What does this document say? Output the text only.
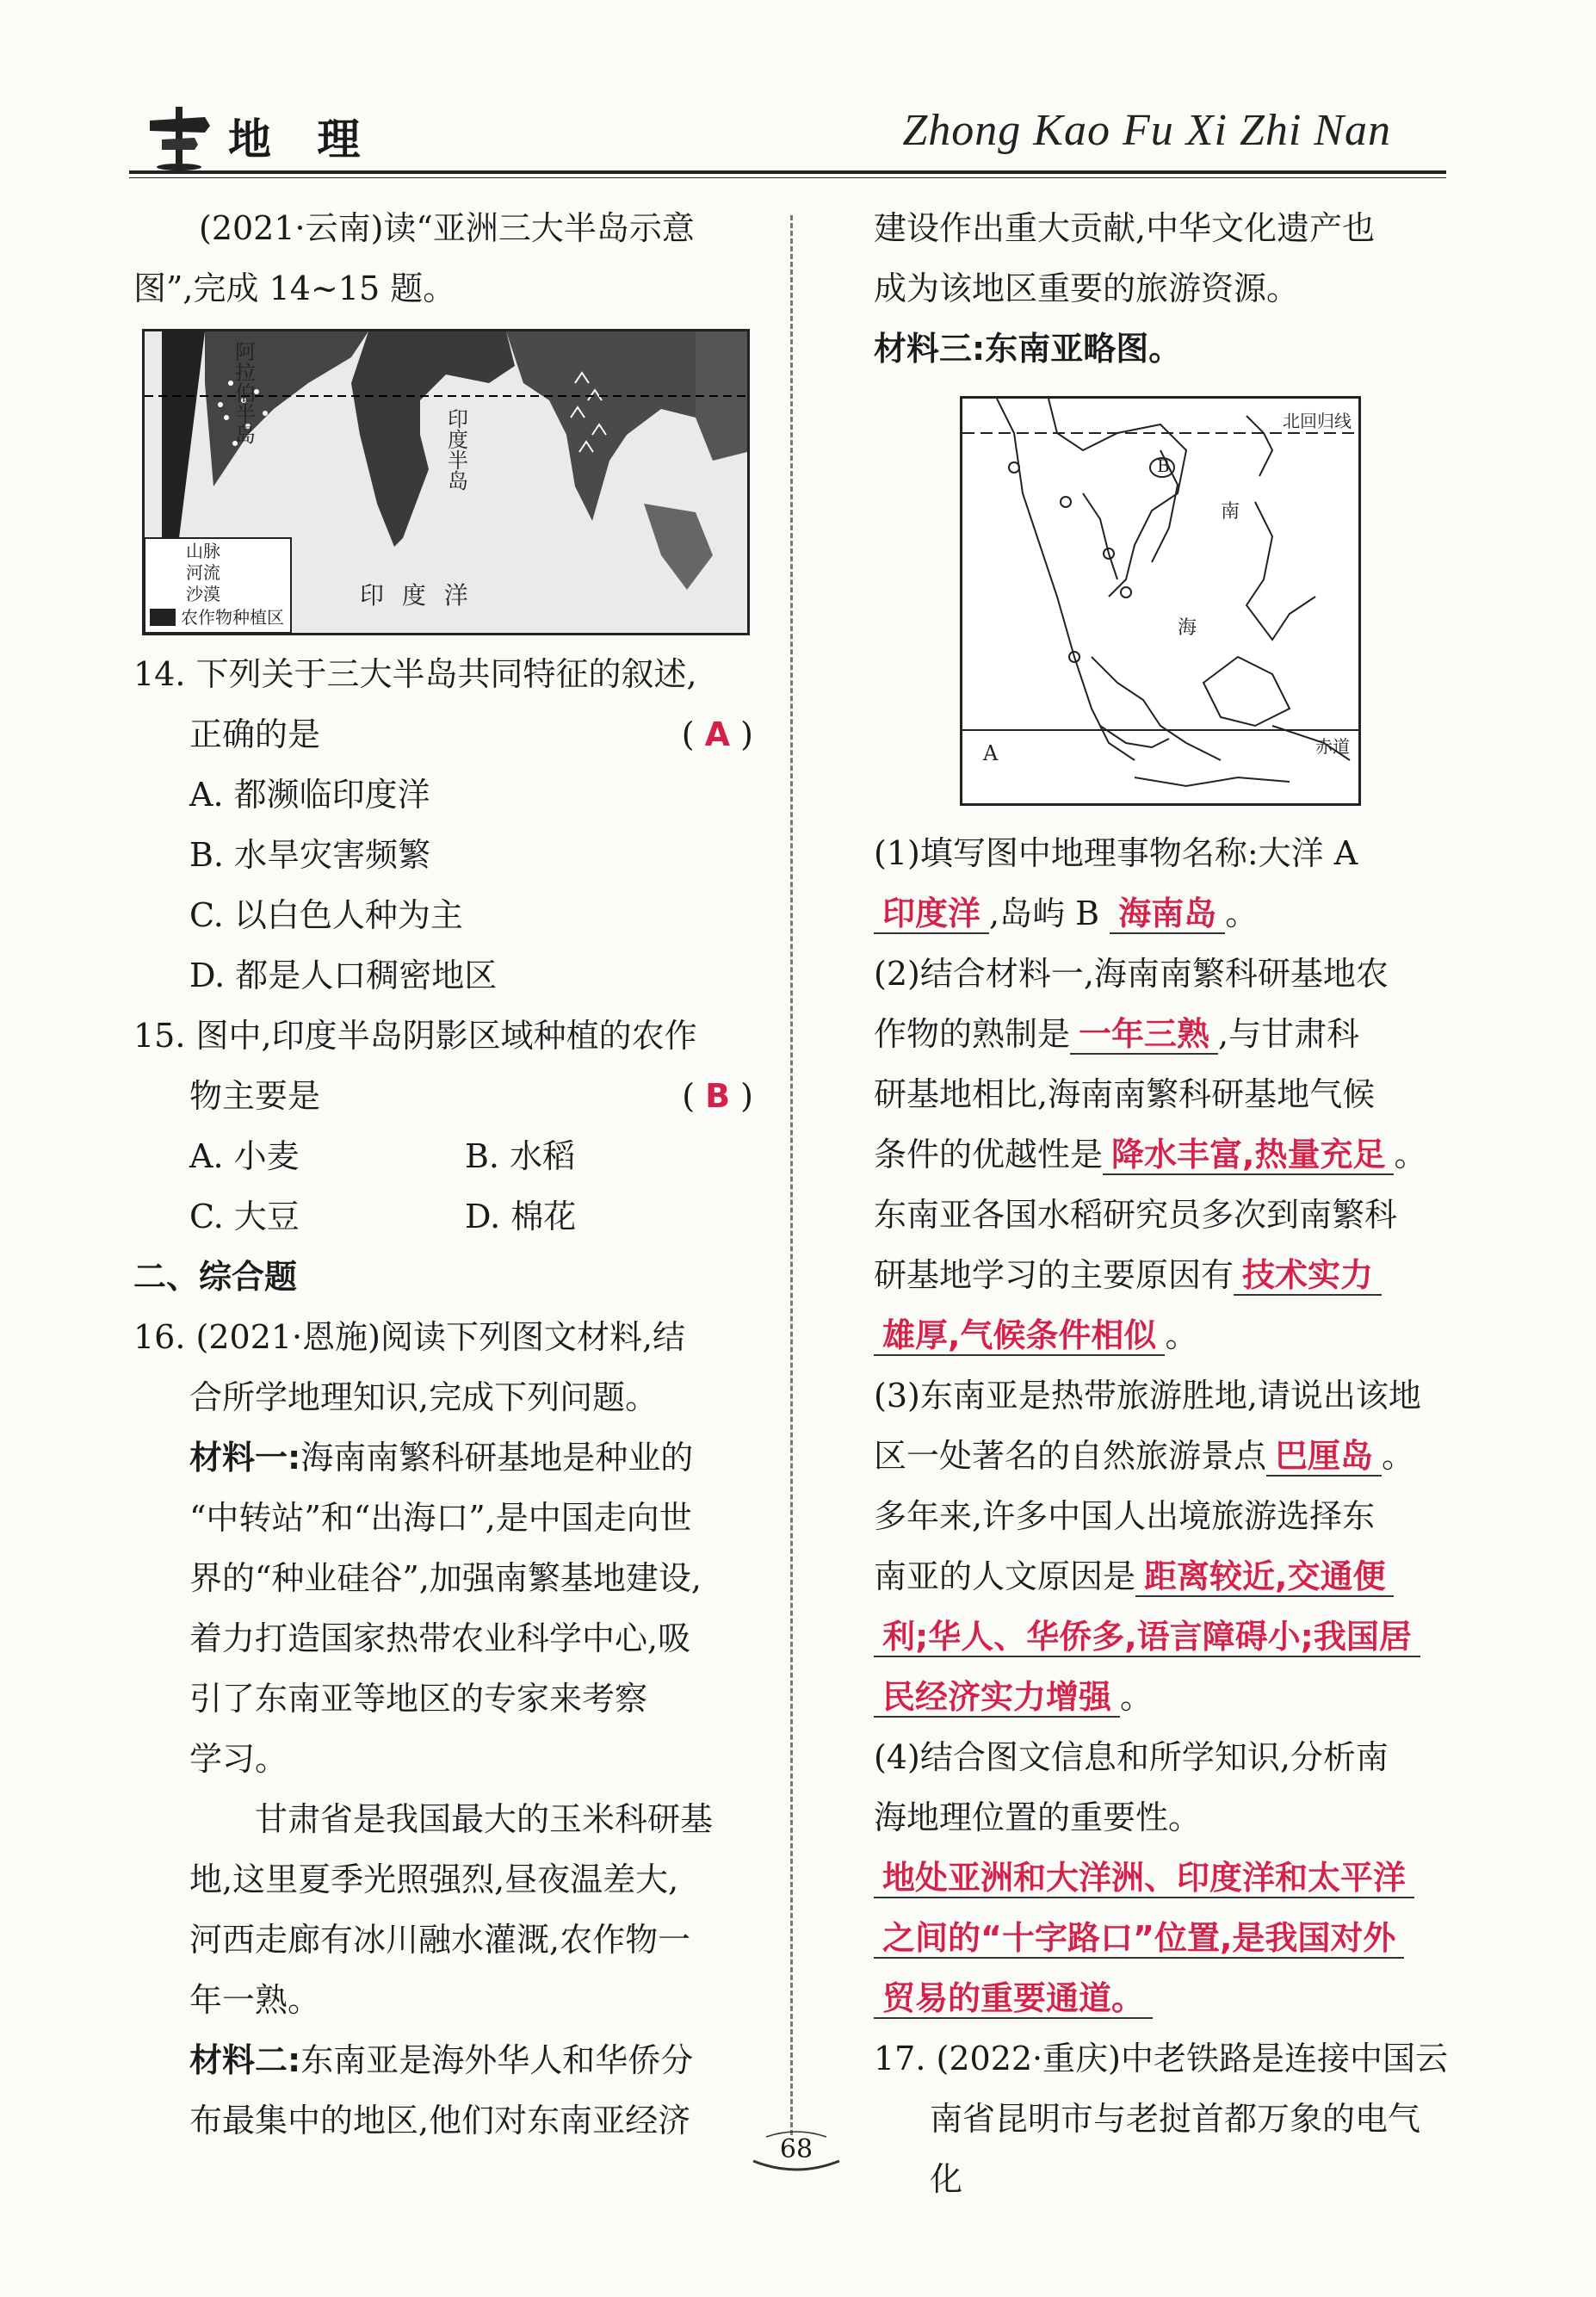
地 理	Zhong Kao Fu Xi Zhi Nan

(2021·云南)读“亚洲三大半岛示意

图”,完成 14~15 题。

阿拉伯半岛
印度半岛
印 度 洋
山脉
河流
沙漠
农作物种植区

14. 下列关于三大半岛共同特征的叙述,

正确的是	( A )

A. 都濒临印度洋

B. 水旱灾害频繁

C. 以白色人种为主

D. 都是人口稠密地区

15. 图中,印度半岛阴影区域种植的农作

物主要是	( B )

A. 小麦	B. 水稻

C. 大豆	D. 棉花

二、综合题

16. (2021·恩施)阅读下列图文材料,结

合所学地理知识,完成下列问题。

材料一:海南南繁科研基地是种业的

“中转站”和“出海口”,是中国走向世

界的“种业硅谷”,加强南繁基地建设,

着力打造国家热带农业科学中心,吸

引了东南亚等地区的专家来考察

学习。

甘肃省是我国最大的玉米科研基

地,这里夏季光照强烈,昼夜温差大,

河西走廊有冰川融水灌溉,农作物一

年一熟。

材料二:东南亚是海外华人和华侨分

布最集中的地区,他们对东南亚经济

建设作出重大贡献,中华文化遗产也

成为该地区重要的旅游资源。

材料三:东南亚略图。

北回归线
赤道
南
海
A
B

(1)填写图中地理事物名称:大洋 A

印度洋 ,岛屿 B 海南岛 。

(2)结合材料一,海南南繁科研基地农

作物的熟制是 一年三熟 ,与甘肃科

研基地相比,海南南繁科研基地气候

条件的优越性是 降水丰富,热量充足 。

东南亚各国水稻研究员多次到南繁科

研基地学习的主要原因有 技术实力

雄厚,气候条件相似 。

(3)东南亚是热带旅游胜地,请说出该地

区一处著名的自然旅游景点 巴厘岛 。

多年来,许多中国人出境旅游选择东

南亚的人文原因是 距离较近,交通便

利;华人、华侨多,语言障碍小;我国居

民经济实力增强 。

(4)结合图文信息和所学知识,分析南

海地理位置的重要性。

地处亚洲和大洋洲、印度洋和太平洋

之间的“十字路口”位置,是我国对外

贸易的重要通道。

17. (2022·重庆)中老铁路是连接中国云

南省昆明市与老挝首都万象的电气化

68
